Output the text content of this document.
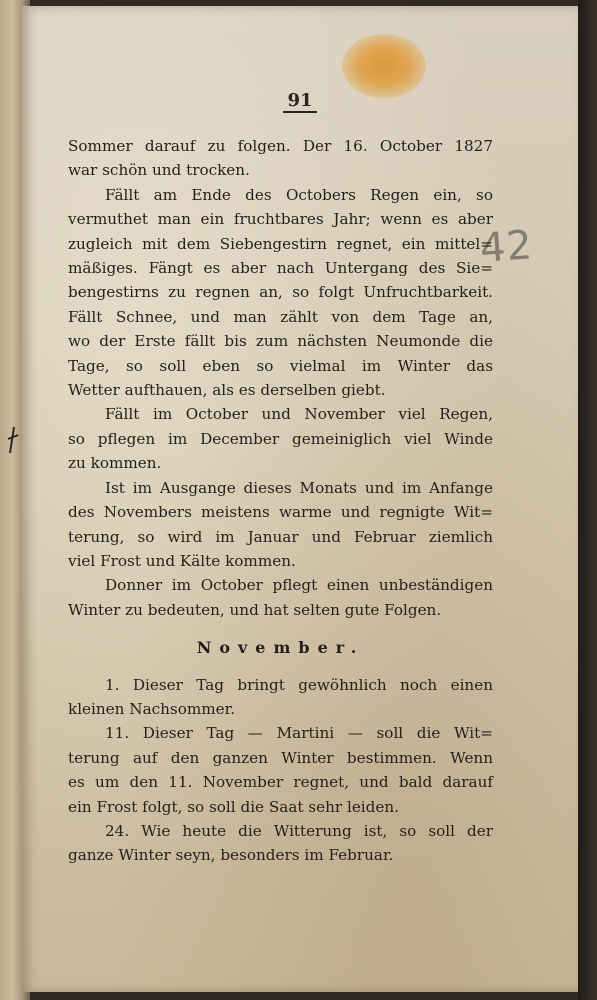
42
91
Sommer darauf zu folgen. Der 16. October 1827
war schön und trocken.
Fällt am Ende des Octobers Regen ein, so
vermuthet man ein fruchtbares Jahr; wenn es aber
zugleich mit dem Siebengestirn regnet, ein mittel=
mäßiges. Fängt es aber nach Untergang des Sie=
bengestirns zu regnen an, so folgt Unfruchtbarkeit.
Fällt Schnee, und man zählt von dem Tage an,
wo der Erste fällt bis zum nächsten Neumonde die
Tage, so soll eben so vielmal im Winter das
Wetter aufthauen, als es derselben giebt.
Fällt im October und November viel Regen,
so pflegen im December gemeiniglich viel Winde
zu kommen.
Ist im Ausgange dieses Monats und im Anfange
des Novembers meistens warme und regnigte Wit=
terung, so wird im Januar und Februar ziemlich
viel Frost und Kälte kommen.
Donner im October pflegt einen unbeständigen
Winter zu bedeuten, und hat selten gute Folgen.
November.
1. Dieser Tag bringt gewöhnlich noch einen
kleinen Nachsommer.
11. Dieser Tag — Martini — soll die Wit=
terung auf den ganzen Winter bestimmen. Wenn
es um den 11. November regnet, und bald darauf
ein Frost folgt, so soll die Saat sehr leiden.
24. Wie heute die Witterung ist, so soll der
ganze Winter seyn, besonders im Februar.
